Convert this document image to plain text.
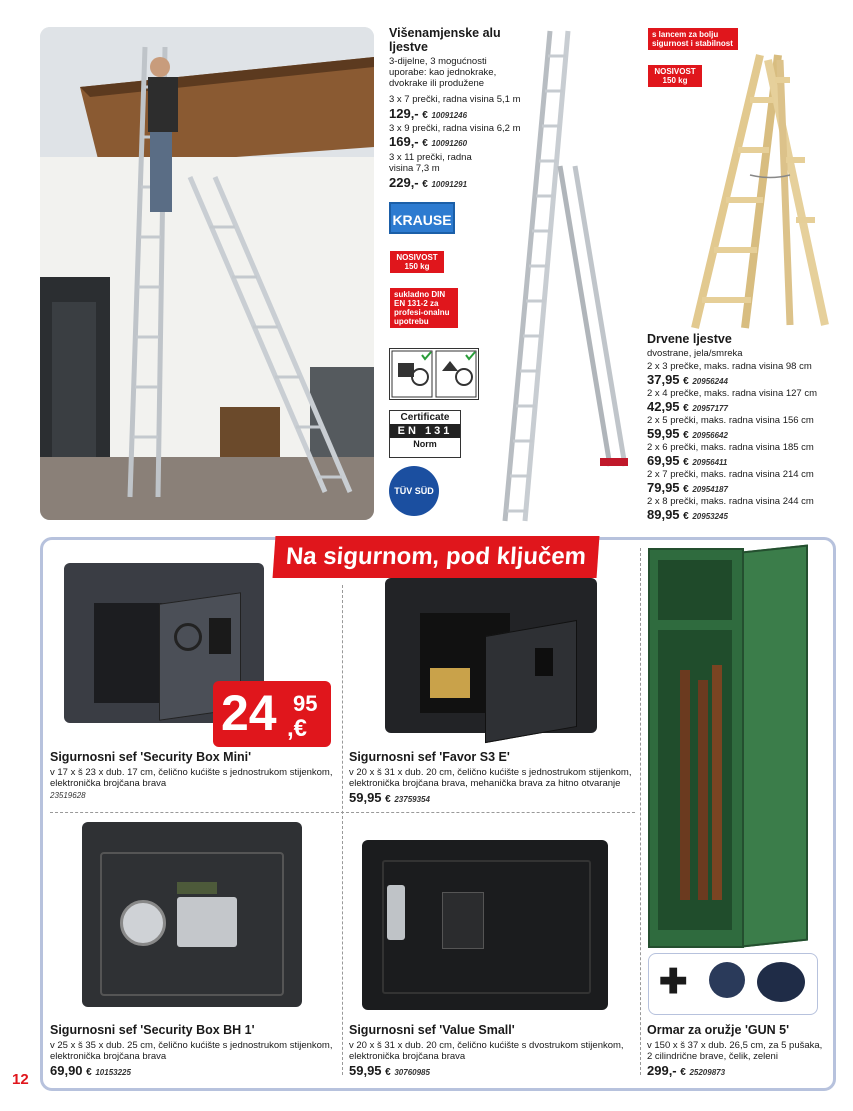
Višenamjenske alu ljestve
3-dijelne, 3 mogućnosti uporabe: kao jednokrake, dvokrake ili produžene
3 x 7 prečki, radna visina 5,1 m
129,- € 10091246
3 x 9 prečki, radna visina 6,2 m
169,- € 10091260
3 x 11 prečki, radna visina 7,3 m
229,- € 10091291
KRAUSE
NOSIVOST 150 kg
sukladno DIN EN 131-2 za profesi-onalnu upotrebu
Certificate
EN 131
Norm
TÜV SÜD
s lancem za bolju sigurnost i stabilnost
NOSIVOST 150 kg
Drvene ljestve
dvostrane, jela/smreka
2 x 3 prečke, maks. radna visina 98 cm
37,95 € 20956244
2 x 4 prečke, maks. radna visina 127 cm
42,95 € 20957177
2 x 5 prečki, maks. radna visina 156 cm
59,95 € 20956642
2 x 6 prečki, maks. radna visina 185 cm
69,95 € 20956411
2 x 7 prečki, maks. radna visina 214 cm
79,95 € 20954187
2 x 8 prečki, maks. radna visina 244 cm
89,95 € 20953245
Na sigurnom, pod ključem
24 95
,€
Sigurnosni sef 'Security Box Mini'
v 17 x š 23 x dub. 17 cm, čelično kućište s jednostrukom stijenkom, elektronička brojčana brava
23519628
Sigurnosni sef 'Favor S3 E'
v 20 x š 31 x dub. 20 cm, čelično kućište s jednostrukom stijenkom, elektronička brojčana brava, mehanička brava za hitno otvaranje
59,95 € 23759354
Sigurnosni sef 'Security Box BH 1'
v 25 x š 35 x dub. 25 cm, čelično kućište s jednostrukom stijenkom, elektronička brojčana brava
69,90 € 10153225
Sigurnosni sef 'Value Small'
v 20 x š 31 x dub. 20 cm, čelično kućište s dvostrukom stijenkom, elektronička brojčana brava
59,95 € 30760985
✚
Ormar za oružje 'GUN 5'
v 150 x š 37 x dub. 26,5 cm, za 5 pušaka, 2 cilindrične brave, čelik, zeleni
299,- € 25209873
12
